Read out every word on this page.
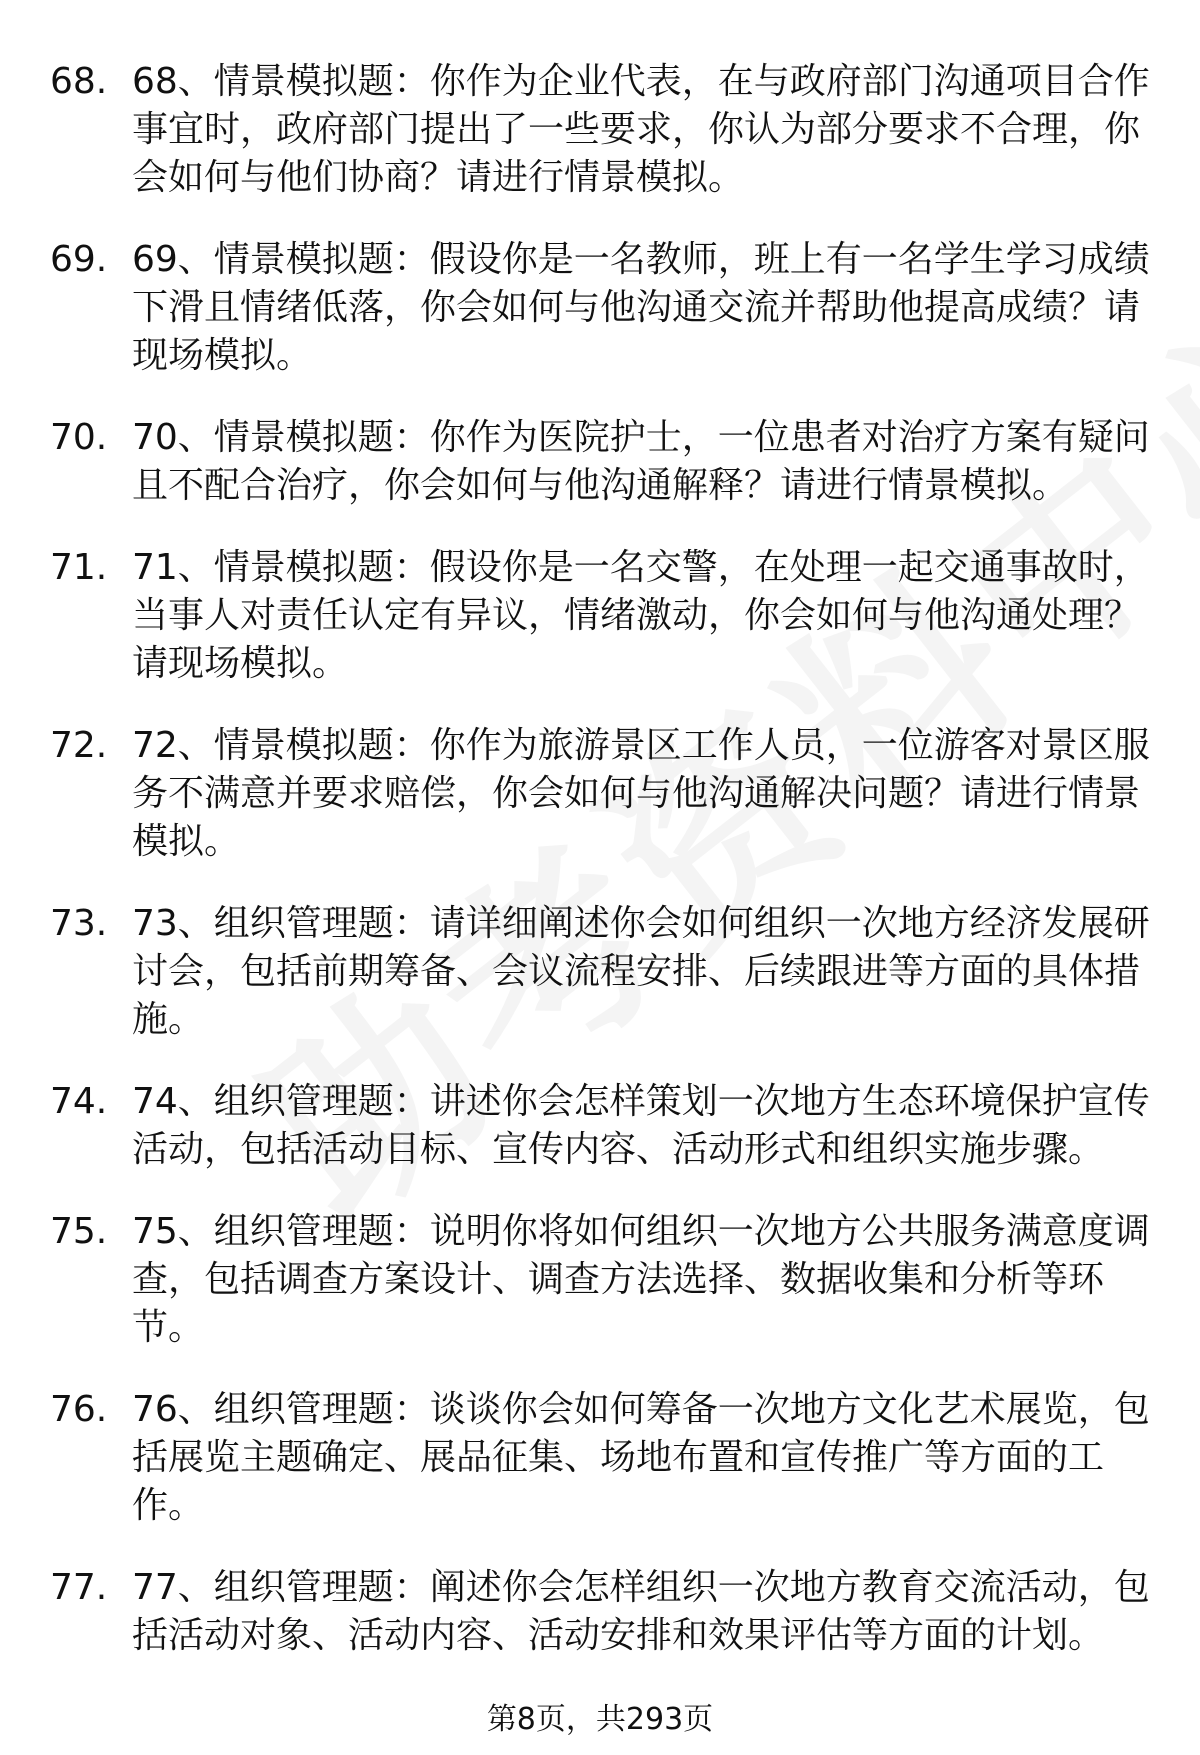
68. 68、情景模拟题：你作为企业代表，在与政府部门沟通项目合作事宜时，政府部门提出了一些要求，你认为部分要求不合理，你会如何与他们协商？请进行情景模拟。
69. 69、情景模拟题：假设你是一名教师，班上有一名学生学习成绩下滑且情绪低落，你会如何与他沟通交流并帮助他提高成绩？请现场模拟。
70. 70、情景模拟题：你作为医院护士，一位患者对治疗方案有疑问且不配合治疗，你会如何与他沟通解释？请进行情景模拟。
71. 71、情景模拟题：假设你是一名交警，在处理一起交通事故时，当事人对责任认定有异议，情绪激动，你会如何与他沟通处理？请现场模拟。
72. 72、情景模拟题：你作为旅游景区工作人员，一位游客对景区服务不满意并要求赔偿，你会如何与他沟通解决问题？请进行情景模拟。
73. 73、组织管理题：请详细阐述你会如何组织一次地方经济发展研讨会，包括前期筹备、会议流程安排、后续跟进等方面的具体措施。
74. 74、组织管理题：讲述你会怎样策划一次地方生态环境保护宣传活动，包括活动目标、宣传内容、活动形式和组织实施步骤。
75. 75、组织管理题：说明你将如何组织一次地方公共服务满意度调查，包括调查方案设计、调查方法选择、数据收集和分析等环节。
76. 76、组织管理题：谈谈你会如何筹备一次地方文化艺术展览，包括展览主题确定、展品征集、场地布置和宣传推广等方面的工作。
77. 77、组织管理题：阐述你会怎样组织一次地方教育交流活动，包括活动对象、活动内容、活动安排和效果评估等方面的计划。
第8页，共293页
